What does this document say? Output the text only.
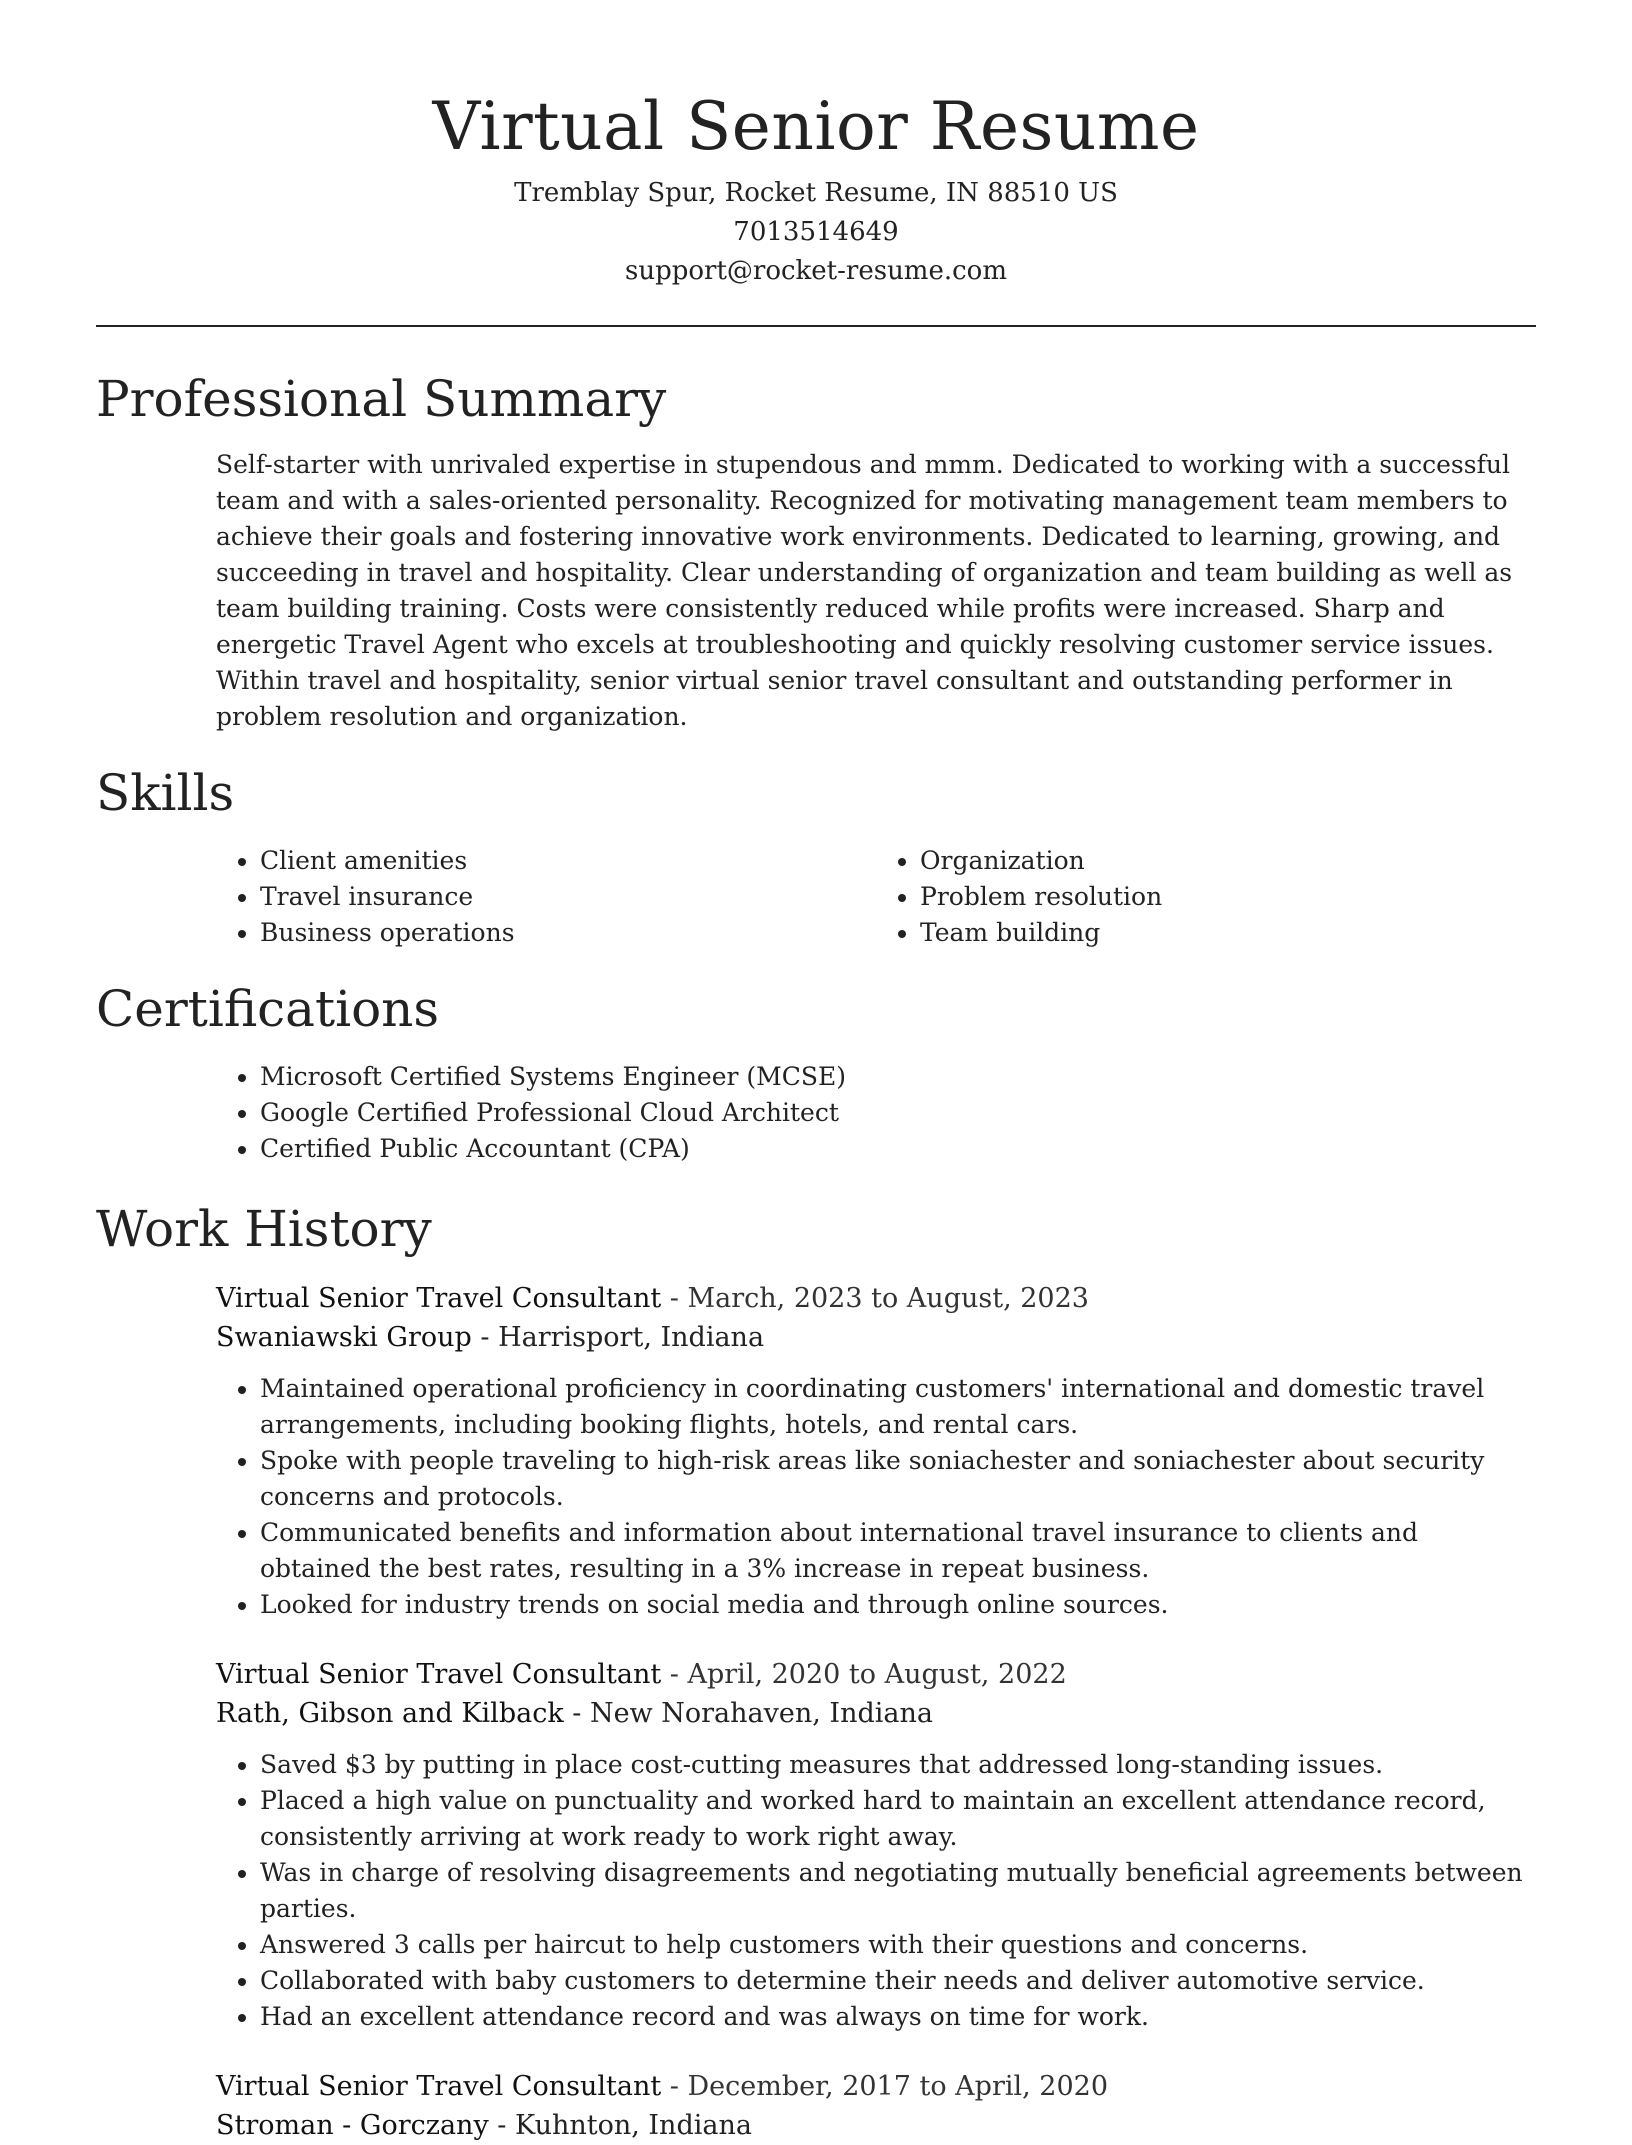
Virtual Senior Resume
Tremblay Spur, Rocket Resume, IN 88510 US
7013514649
support@rocket-resume.com
Professional Summary

Self-starter with unrivaled expertise in stupendous and mmm. Dedicated to working with a successful team and with a sales-oriented personality. Recognized for motivating management team members to achieve their goals and fostering innovative work environments. Dedicated to learning, growing, and succeeding in travel and hospitality. Clear understanding of organization and team building as well as team building training. Costs were consistently reduced while profits were increased. Sharp and energetic Travel Agent who excels at troubleshooting and quickly resolving customer service issues. Within travel and hospitality, senior virtual senior travel consultant and outstanding performer in problem resolution and organization.

Skills
• Client amenities
• Travel insurance
• Business operations
• Organization
• Problem resolution
• Team building
Certifications
• Microsoft Certified Systems Engineer (MCSE)
• Google Certified Professional Cloud Architect
• Certified Public Accountant (CPA)
Work History
Virtual Senior Travel Consultant - March, 2023 to August, 2023
Swaniawski Group - Harrisport, Indiana
• Maintained operational proficiency in coordinating customers' international and domestic travel arrangements, including booking flights, hotels, and rental cars.
• Spoke with people traveling to high-risk areas like soniachester and soniachester about security concerns and protocols.
• Communicated benefits and information about international travel insurance to clients and obtained the best rates, resulting in a 3% increase in repeat business.
• Looked for industry trends on social media and through online sources.
Virtual Senior Travel Consultant - April, 2020 to August, 2022
Rath, Gibson and Kilback - New Norahaven, Indiana
• Saved $3 by putting in place cost-cutting measures that addressed long-standing issues.
• Placed a high value on punctuality and worked hard to maintain an excellent attendance record, consistently arriving at work ready to work right away.
• Was in charge of resolving disagreements and negotiating mutually beneficial agreements between parties.
• Answered 3 calls per haircut to help customers with their questions and concerns.
• Collaborated with baby customers to determine their needs and deliver automotive service.
• Had an excellent attendance record and was always on time for work.
Virtual Senior Travel Consultant - December, 2017 to April, 2020
Stroman - Gorczany - Kuhnton, Indiana
